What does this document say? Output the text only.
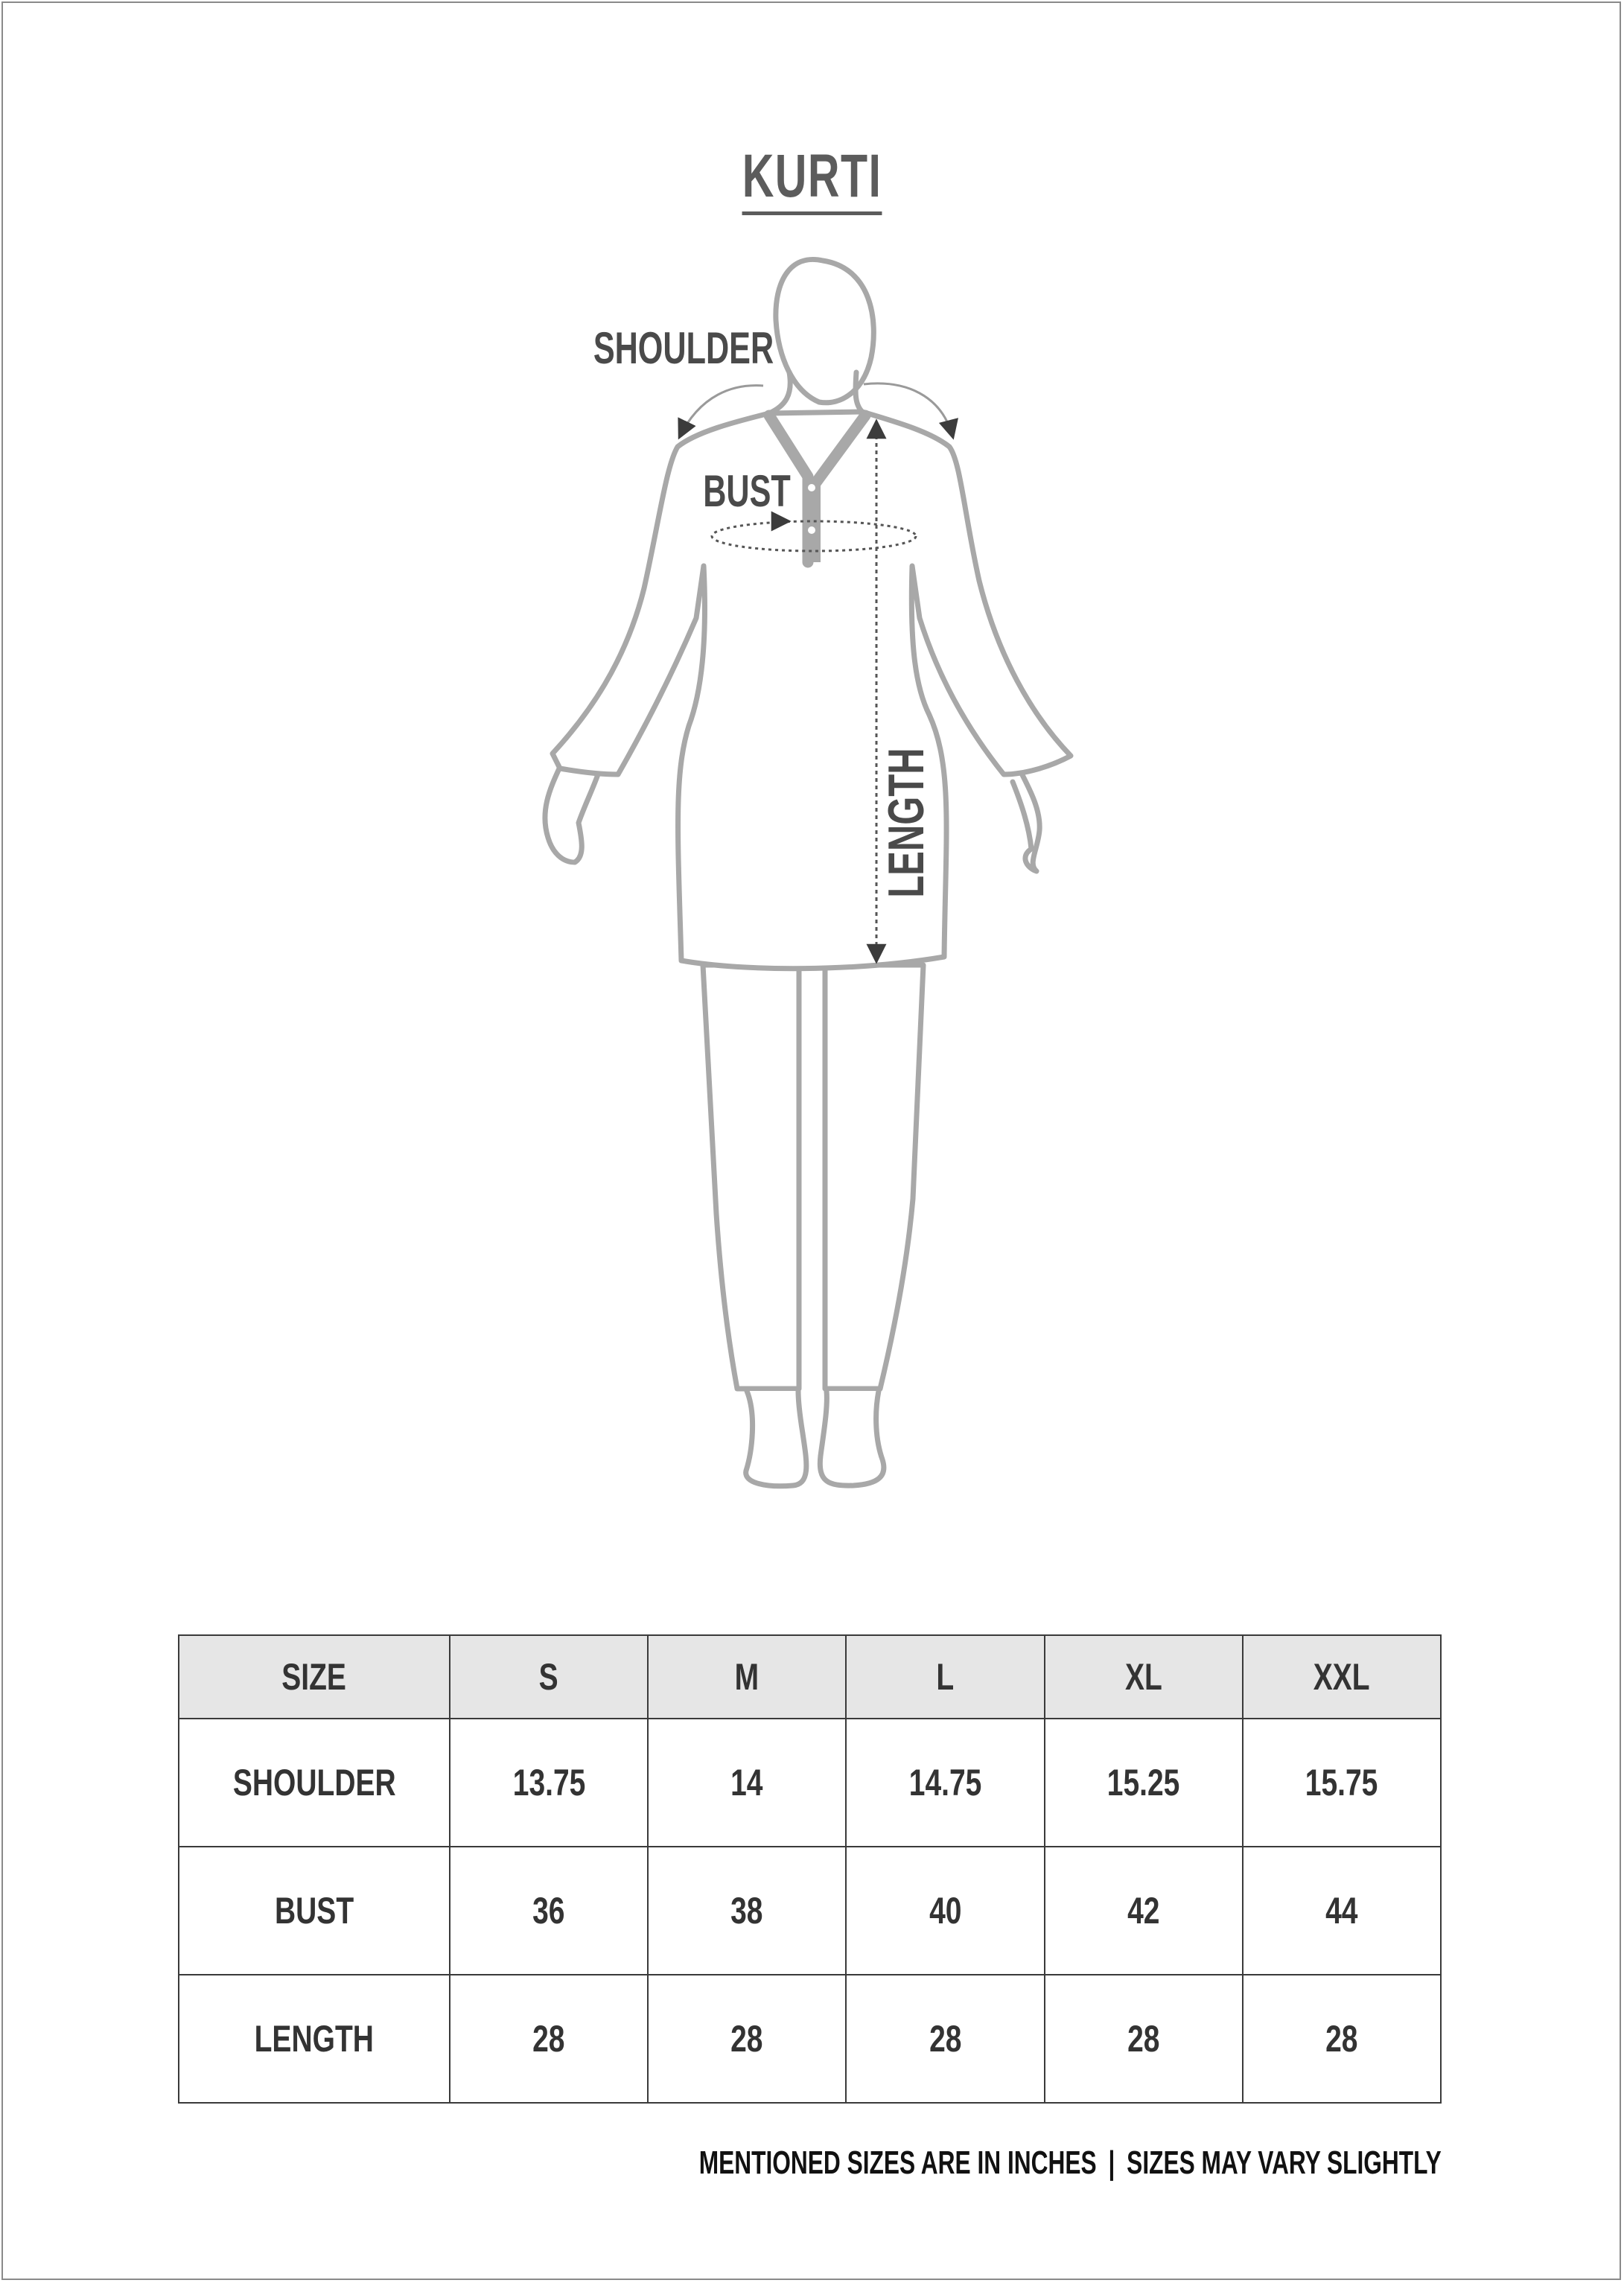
KURTI
SHOULDER
BUST
LENGTH
SIZE	S	M	L	XL	XXL
SHOULDER	13.75	14	14.75	15.25	15.75
BUST	36	38	40	42	44
LENGTH	28	28	28	28	28
MENTIONED SIZES ARE IN INCHES | SIZES MAY VARY SLIGHTLY
